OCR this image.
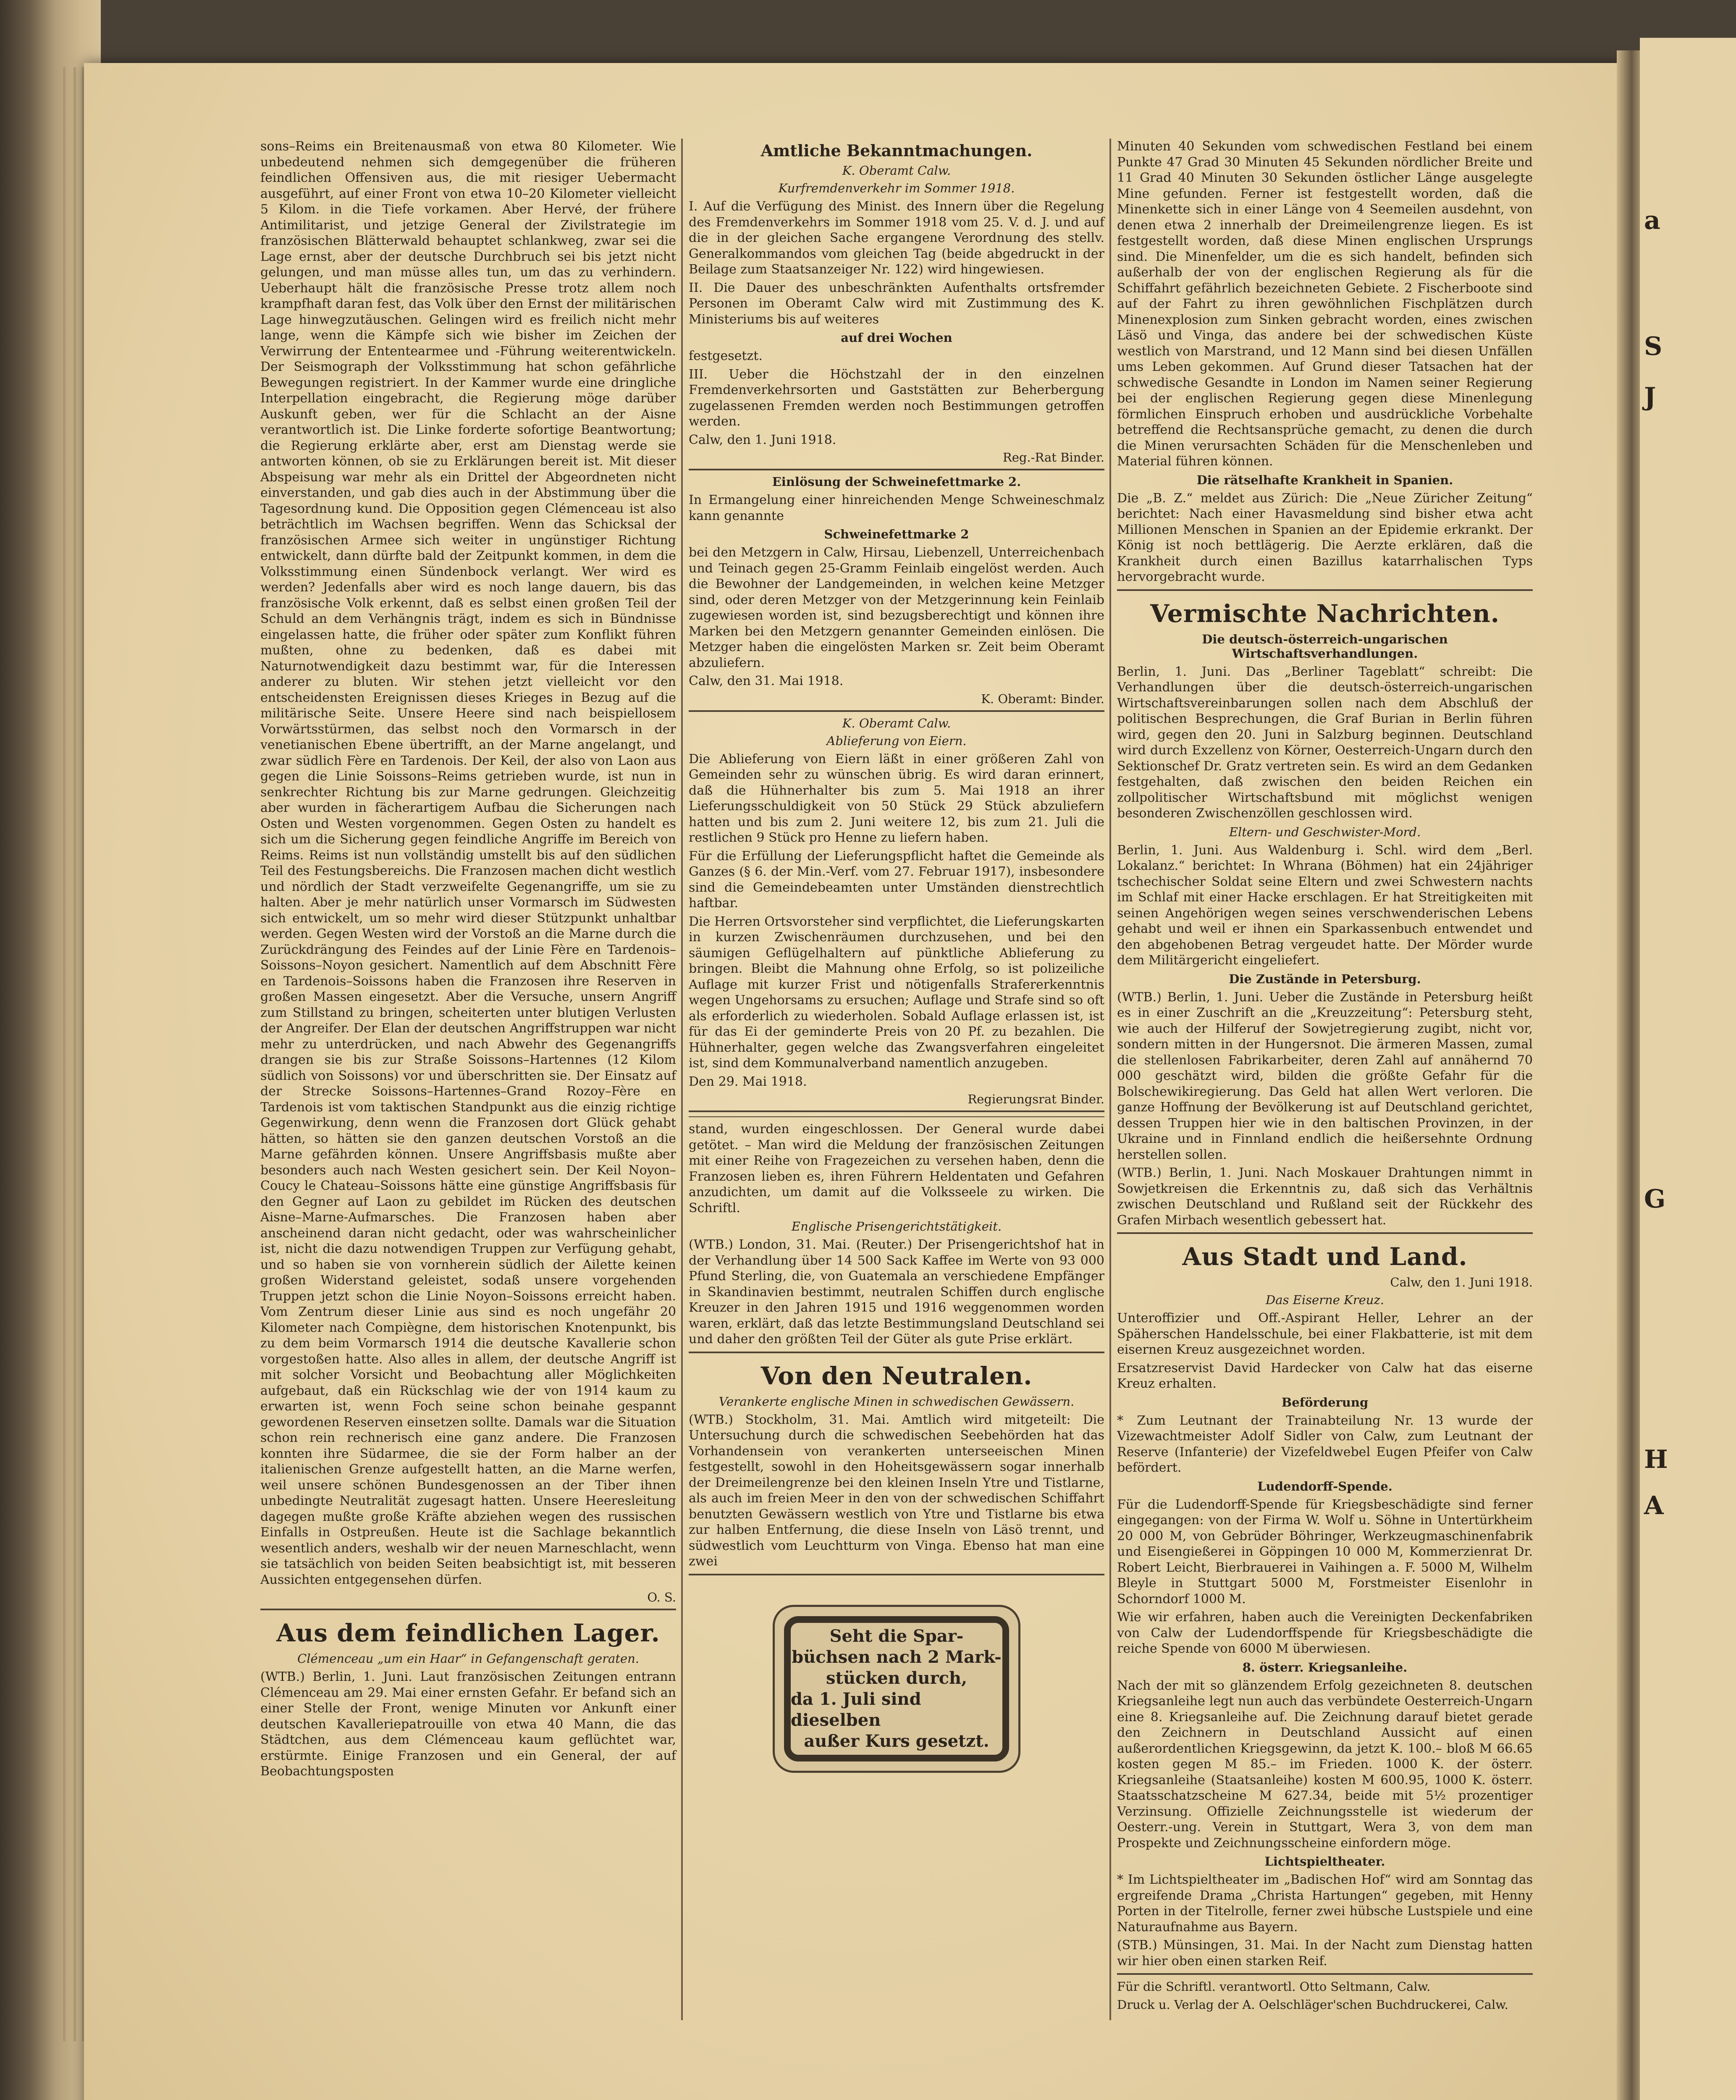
a
S
J
G
H
A

sons–Reims ein Breitenausmaß von etwa 80 Kilometer. Wie unbedeutend nehmen sich demgegenüber die früheren feindlichen Offensiven aus, die mit riesiger Uebermacht ausgeführt, auf einer Front von etwa 10–20 Kilometer vielleicht 5 Kilom. in die Tiefe vorkamen. Aber Hervé, der frühere Antimilitarist, und jetzige General der Zivilstrategie im französischen Blätterwald behauptet schlankweg, zwar sei die Lage ernst, aber der deutsche Durchbruch sei bis jetzt nicht gelungen, und man müsse alles tun, um das zu verhindern. Ueberhaupt hält die französische Presse trotz allem noch krampfhaft daran fest, das Volk über den Ernst der militärischen Lage hinwegzutäuschen. Gelingen wird es freilich nicht mehr lange, wenn die Kämpfe sich wie bisher im Zeichen der Verwirrung der Ententearmee und -Führung weiterentwickeln. Der Seismograph der Volksstimmung hat schon gefährliche Bewegungen registriert. In der Kammer wurde eine dringliche Interpellation eingebracht, die Regierung möge darüber Auskunft geben, wer für die Schlacht an der Aisne verantwortlich ist. Die Linke forderte sofortige Beantwortung; die Regierung erklärte aber, erst am Dienstag werde sie antworten können, ob sie zu Erklärungen bereit ist. Mit dieser Abspeisung war mehr als ein Drittel der Abgeordneten nicht einverstanden, und gab dies auch in der Abstimmung über die Tagesordnung kund. Die Opposition gegen Clémenceau ist also beträchtlich im Wachsen begriffen. Wenn das Schicksal der französischen Armee sich weiter in ungünstiger Richtung entwickelt, dann dürfte bald der Zeitpunkt kommen, in dem die Volksstimmung einen Sündenbock verlangt. Wer wird es werden? Jedenfalls aber wird es noch lange dauern, bis das französische Volk erkennt, daß es selbst einen großen Teil der Schuld an dem Verhängnis trägt, indem es sich in Bündnisse eingelassen hatte, die früher oder später zum Konflikt führen mußten, ohne zu bedenken, daß es dabei mit Naturnotwendigkeit dazu bestimmt war, für die Interessen anderer zu bluten. Wir stehen jetzt vielleicht vor den entscheidensten Ereignissen dieses Krieges in Bezug auf die militärische Seite. Unsere Heere sind nach beispiellosem Vorwärtsstürmen, das selbst noch den Vormarsch in der venetianischen Ebene übertrifft, an der Marne angelangt, und zwar südlich Fère en Tardenois. Der Keil, der also von Laon aus gegen die Linie Soissons–Reims getrieben wurde, ist nun in senkrechter Richtung bis zur Marne gedrungen. Gleichzeitig aber wurden in fächerartigem Aufbau die Sicherungen nach Osten und Westen vorgenommen. Gegen Osten zu handelt es sich um die Sicherung gegen feindliche Angriffe im Bereich von Reims. Reims ist nun vollständig umstellt bis auf den südlichen Teil des Festungsbereichs. Die Franzosen machen dicht westlich und nördlich der Stadt verzweifelte Gegenangriffe, um sie zu halten. Aber je mehr natürlich unser Vormarsch im Südwesten sich entwickelt, um so mehr wird dieser Stützpunkt unhaltbar werden. Gegen Westen wird der Vorstoß an die Marne durch die Zurückdrängung des Feindes auf der Linie Fère en Tardenois–Soissons–Noyon gesichert. Namentlich auf dem Abschnitt Fère en Tardenois–Soissons haben die Franzosen ihre Reserven in großen Massen eingesetzt. Aber die Versuche, unsern Angriff zum Stillstand zu bringen, scheiterten unter blutigen Verlusten der Angreifer. Der Elan der deutschen Angriffstruppen war nicht mehr zu unterdrücken, und nach Abwehr des Gegenangriffs drangen sie bis zur Straße Soissons–Hartennes (12 Kilom südlich von Soissons) vor und überschritten sie. Der Einsatz auf der Strecke Soissons–Hartennes–Grand Rozoy–Fère en Tardenois ist vom taktischen Standpunkt aus die einzig richtige Gegenwirkung, denn wenn die Franzosen dort Glück gehabt hätten, so hätten sie den ganzen deutschen Vorstoß an die Marne gefährden können. Unsere Angriffsbasis mußte aber besonders auch nach Westen gesichert sein. Der Keil Noyon–Coucy le Chateau–Soissons hätte eine günstige Angriffsbasis für den Gegner auf Laon zu gebildet im Rücken des deutschen Aisne–Marne-Aufmarsches. Die Franzosen haben aber anscheinend daran nicht gedacht, oder was wahrscheinlicher ist, nicht die dazu notwendigen Truppen zur Verfügung gehabt, und so haben sie von vornherein südlich der Ailette keinen großen Widerstand geleistet, sodaß unsere vorgehenden Truppen jetzt schon die Linie Noyon–Soissons erreicht haben. Vom Zentrum dieser Linie aus sind es noch ungefähr 20 Kilometer nach Compiègne, dem historischen Knotenpunkt, bis zu dem beim Vormarsch 1914 die deutsche Kavallerie schon vorgestoßen hatte. Also alles in allem, der deutsche Angriff ist mit solcher Vorsicht und Beobachtung aller Möglichkeiten aufgebaut, daß ein Rückschlag wie der von 1914 kaum zu erwarten ist, wenn Foch seine schon beinahe gespannt gewordenen Reserven einsetzen sollte. Damals war die Situation schon rein rechnerisch eine ganz andere. Die Franzosen konnten ihre Südarmee, die sie der Form halber an der italienischen Grenze aufgestellt hatten, an die Marne werfen, weil unsere schönen Bundesgenossen an der Tiber ihnen unbedingte Neutralität zugesagt hatten. Unsere Heeresleitung dagegen mußte große Kräfte abziehen wegen des russischen Einfalls in Ostpreußen. Heute ist die Sachlage bekanntlich wesentlich anders, weshalb wir der neuen Marneschlacht, wenn sie tatsächlich von beiden Seiten beabsichtigt ist, mit besseren Aussichten entgegensehen dürfen.

O. S.
Aus dem feindlichen Lager.
Clémenceau „um ein Haar“ in Gefangenschaft geraten.

(WTB.) Berlin, 1. Juni. Laut französischen Zeitungen entrann Clémenceau am 29. Mai einer ernsten Gefahr. Er befand sich an einer Stelle der Front, wenige Minuten vor Ankunft einer deutschen Kavalleriepatrouille von etwa 40 Mann, die das Städtchen, aus dem Clémenceau kaum geflüchtet war, erstürmte. Einige Franzosen und ein General, der auf Beobachtungsposten

Amtliche Bekanntmachungen.
K. Oberamt Calw.
Kurfremdenverkehr im Sommer 1918.

I. Auf die Verfügung des Minist. des Innern über die Regelung des Fremdenverkehrs im Sommer 1918 vom 25. V. d. J. und auf die in der gleichen Sache ergangene Verordnung des stellv. Generalkommandos vom gleichen Tag (beide abgedruckt in der Beilage zum Staatsanzeiger Nr. 122) wird hingewiesen.

II. Die Dauer des unbeschränkten Aufenthalts ortsfremder Personen im Oberamt Calw wird mit Zustimmung des K. Ministeriums bis auf weiteres

auf drei Wochen

festgesetzt.

III. Ueber die Höchstzahl der in den einzelnen Fremdenverkehrsorten und Gaststätten zur Beherbergung zugelassenen Fremden werden noch Bestimmungen getroffen werden.

Calw, den 1. Juni 1918.

Reg.-Rat Binder.
Einlösung der Schweinefettmarke 2.

In Ermangelung einer hinreichenden Menge Schweineschmalz kann genannte

Schweinefettmarke 2

bei den Metzgern in Calw, Hirsau, Liebenzell, Unterreichenbach und Teinach gegen 25-Gramm Feinlaib eingelöst werden. Auch die Bewohner der Landgemeinden, in welchen keine Metzger sind, oder deren Metzger von der Metzgerinnung kein Feinlaib zugewiesen worden ist, sind bezugsberechtigt und können ihre Marken bei den Metzgern genannter Gemeinden einlösen. Die Metzger haben die eingelösten Marken sr. Zeit beim Oberamt abzuliefern.

Calw, den 31. Mai 1918.

K. Oberamt: Binder.
K. Oberamt Calw.
Ablieferung von Eiern.

Die Ablieferung von Eiern läßt in einer größeren Zahl von Gemeinden sehr zu wünschen übrig. Es wird daran erinnert, daß die Hühnerhalter bis zum 5. Mai 1918 an ihrer Lieferungsschuldigkeit von 50 Stück 29 Stück abzuliefern hatten und bis zum 2. Juni weitere 12, bis zum 21. Juli die restlichen 9 Stück pro Henne zu liefern haben.

Für die Erfüllung der Lieferungspflicht haftet die Gemeinde als Ganzes (§ 6. der Min.-Verf. vom 27. Februar 1917), insbesondere sind die Gemeindebeamten unter Umständen dienstrechtlich haftbar.

Die Herren Ortsvorsteher sind verpflichtet, die Lieferungskarten in kurzen Zwischenräumen durchzusehen, und bei den säumigen Geflügelhaltern auf pünktliche Ablieferung zu bringen. Bleibt die Mahnung ohne Erfolg, so ist polizeiliche Auflage mit kurzer Frist und nötigenfalls Strafererkenntnis wegen Ungehorsams zu ersuchen; Auflage und Strafe sind so oft als erforderlich zu wiederholen. Sobald Auflage erlassen ist, ist für das Ei der geminderte Preis von 20 Pf. zu bezahlen. Die Hühnerhalter, gegen welche das Zwangsverfahren eingeleitet ist, sind dem Kommunalverband namentlich anzugeben.

Den 29. Mai 1918.

Regierungsrat Binder.

stand, wurden eingeschlossen. Der General wurde dabei getötet. – Man wird die Meldung der französischen Zeitungen mit einer Reihe von Fragezeichen zu versehen haben, denn die Franzosen lieben es, ihren Führern Heldentaten und Gefahren anzudichten, um damit auf die Volksseele zu wirken. Die Schriftl.

Englische Prisengerichtstätigkeit.

(WTB.) London, 31. Mai. (Reuter.) Der Prisengerichtshof hat in der Verhandlung über 14 500 Sack Kaffee im Werte von 93 000 Pfund Sterling, die, von Guatemala an verschiedene Empfänger in Skandinavien bestimmt, neutralen Schiffen durch englische Kreuzer in den Jahren 1915 und 1916 weggenommen worden waren, erklärt, daß das letzte Bestimmungsland Deutschland sei und daher den größten Teil der Güter als gute Prise erklärt.

Von den Neutralen.
Verankerte englische Minen in schwedischen Gewässern.

(WTB.) Stockholm, 31. Mai. Amtlich wird mitgeteilt: Die Untersuchung durch die schwedischen Seebehörden hat das Vorhandensein von verankerten unterseeischen Minen festgestellt, sowohl in den Hoheitsgewässern sogar innerhalb der Dreimeilengrenze bei den kleinen Inseln Ytre und Tistlarne, als auch im freien Meer in den von der schwedischen Schiffahrt benutzten Gewässern westlich von Ytre und Tistlarne bis etwa zur halben Entfernung, die diese Inseln von Läsö trennt, und südwestlich vom Leuchtturm von Vinga. Ebenso hat man eine zwei

Seht die Spar-
büchsen nach 2 Mark-
stücken durch,
da 1. Juli sind dieselben
außer Kurs gesetzt.

Minuten 40 Sekunden vom schwedischen Festland bei einem Punkte 47 Grad 30 Minuten 45 Sekunden nördlicher Breite und 11 Grad 40 Minuten 30 Sekunden östlicher Länge ausgelegte Mine gefunden. Ferner ist festgestellt worden, daß die Minenkette sich in einer Länge von 4 Seemeilen ausdehnt, von denen etwa 2 innerhalb der Dreimeilengrenze liegen. Es ist festgestellt worden, daß diese Minen englischen Ursprungs sind. Die Minenfelder, um die es sich handelt, befinden sich außerhalb der von der englischen Regierung als für die Schiffahrt gefährlich bezeichneten Gebiete. 2 Fischerboote sind auf der Fahrt zu ihren gewöhnlichen Fischplätzen durch Minenexplosion zum Sinken gebracht worden, eines zwischen Läsö und Vinga, das andere bei der schwedischen Küste westlich von Marstrand, und 12 Mann sind bei diesen Unfällen ums Leben gekommen. Auf Grund dieser Tatsachen hat der schwedische Gesandte in London im Namen seiner Regierung bei der englischen Regierung gegen diese Minenlegung förmlichen Einspruch erhoben und ausdrückliche Vorbehalte betreffend die Rechtsansprüche gemacht, zu denen die durch die Minen verursachten Schäden für die Menschenleben und Material führen können.

Die rätselhafte Krankheit in Spanien.

Die „B. Z.“ meldet aus Zürich: Die „Neue Züricher Zeitung“ berichtet: Nach einer Havasmeldung sind bisher etwa acht Millionen Menschen in Spanien an der Epidemie erkrankt. Der König ist noch bettlägerig. Die Aerzte erklären, daß die Krankheit durch einen Bazillus katarrhalischen Typs hervorgebracht wurde.

Vermischte Nachrichten.
Die deutsch-österreich-ungarischen Wirtschaftsverhandlungen.

Berlin, 1. Juni. Das „Berliner Tageblatt“ schreibt: Die Verhandlungen über die deutsch-österreich-ungarischen Wirtschaftsvereinbarungen sollen nach dem Abschluß der politischen Besprechungen, die Graf Burian in Berlin führen wird, gegen den 20. Juni in Salzburg beginnen. Deutschland wird durch Exzellenz von Körner, Oesterreich-Ungarn durch den Sektionschef Dr. Gratz vertreten sein. Es wird an dem Gedanken festgehalten, daß zwischen den beiden Reichen ein zollpolitischer Wirtschaftsbund mit möglichst wenigen besonderen Zwischenzöllen geschlossen wird.

Eltern- und Geschwister-Mord.

Berlin, 1. Juni. Aus Waldenburg i. Schl. wird dem „Berl. Lokalanz.“ berichtet: In Whrana (Böhmen) hat ein 24jähriger tschechischer Soldat seine Eltern und zwei Schwestern nachts im Schlaf mit einer Hacke erschlagen. Er hat Streitigkeiten mit seinen Angehörigen wegen seines verschwenderischen Lebens gehabt und weil er ihnen ein Sparkassenbuch entwendet und den abgehobenen Betrag vergeudet hatte. Der Mörder wurde dem Militärgericht eingeliefert.

Die Zustände in Petersburg.

(WTB.) Berlin, 1. Juni. Ueber die Zustände in Petersburg heißt es in einer Zuschrift an die „Kreuzzeitung“: Petersburg steht, wie auch der Hilferuf der Sowjetregierung zugibt, nicht vor, sondern mitten in der Hungersnot. Die ärmeren Massen, zumal die stellenlosen Fabrikarbeiter, deren Zahl auf annähernd 70 000 geschätzt wird, bilden die größte Gefahr für die Bolschewikiregierung. Das Geld hat allen Wert verloren. Die ganze Hoffnung der Bevölkerung ist auf Deutschland gerichtet, dessen Truppen hier wie in den baltischen Provinzen, in der Ukraine und in Finnland endlich die heißersehnte Ordnung herstellen sollen.

(WTB.) Berlin, 1. Juni. Nach Moskauer Drahtungen nimmt in Sowjetkreisen die Erkenntnis zu, daß sich das Verhältnis zwischen Deutschland und Rußland seit der Rückkehr des Grafen Mirbach wesentlich gebessert hat.

Aus Stadt und Land.
Calw, den 1. Juni 1918.
Das Eiserne Kreuz.

Unteroffizier und Off.-Aspirant Heller, Lehrer an der Späherschen Handelsschule, bei einer Flakbatterie, ist mit dem eisernen Kreuz ausgezeichnet worden.

Ersatzreservist David Hardecker von Calw hat das eiserne Kreuz erhalten.

Beförderung

* Zum Leutnant der Trainabteilung Nr. 13 wurde der Vizewachtmeister Adolf Sidler von Calw, zum Leutnant der Reserve (Infanterie) der Vizefeldwebel Eugen Pfeifer von Calw befördert.

Ludendorff-Spende.

Für die Ludendorff-Spende für Kriegsbeschädigte sind ferner eingegangen: von der Firma W. Wolf u. Söhne in Untertürkheim 20 000 M, von Gebrüder Böhringer, Werkzeugmaschinenfabrik und Eisengießerei in Göppingen 10 000 M, Kommerzienrat Dr. Robert Leicht, Bierbrauerei in Vaihingen a. F. 5000 M, Wilhelm Bleyle in Stuttgart 5000 M, Forstmeister Eisenlohr in Schorndorf 1000 M.

Wie wir erfahren, haben auch die Vereinigten Deckenfabriken von Calw der Ludendorffspende für Kriegsbeschädigte die reiche Spende von 6000 M überwiesen.

8. österr. Kriegsanleihe.

Nach der mit so glänzendem Erfolg gezeichneten 8. deutschen Kriegsanleihe legt nun auch das verbündete Oesterreich-Ungarn eine 8. Kriegsanleihe auf. Die Zeichnung darauf bietet gerade den Zeichnern in Deutschland Aussicht auf einen außerordentlichen Kriegsgewinn, da jetzt K. 100.– bloß M 66.65 kosten gegen M 85.– im Frieden. 1000 K. der österr. Kriegsanleihe (Staatsanleihe) kosten M 600.95, 1000 K. österr. Staatsschatzscheine M 627.34, beide mit 5½ prozentiger Verzinsung. Offizielle Zeichnungsstelle ist wiederum der Oesterr.-ung. Verein in Stuttgart, Wera 3, von dem man Prospekte und Zeichnungsscheine einfordern möge.

Lichtspieltheater.

* Im Lichtspieltheater im „Badischen Hof“ wird am Sonntag das ergreifende Drama „Christa Hartungen“ gegeben, mit Henny Porten in der Titelrolle, ferner zwei hübsche Lustspiele und eine Naturaufnahme aus Bayern.

(STB.) Münsingen, 31. Mai. In der Nacht zum Dienstag hatten wir hier oben einen starken Reif.

Für die Schriftl. verantwortl. Otto Seltmann, Calw.
Druck u. Verlag der A. Oelschläger'schen Buchdruckerei, Calw.
